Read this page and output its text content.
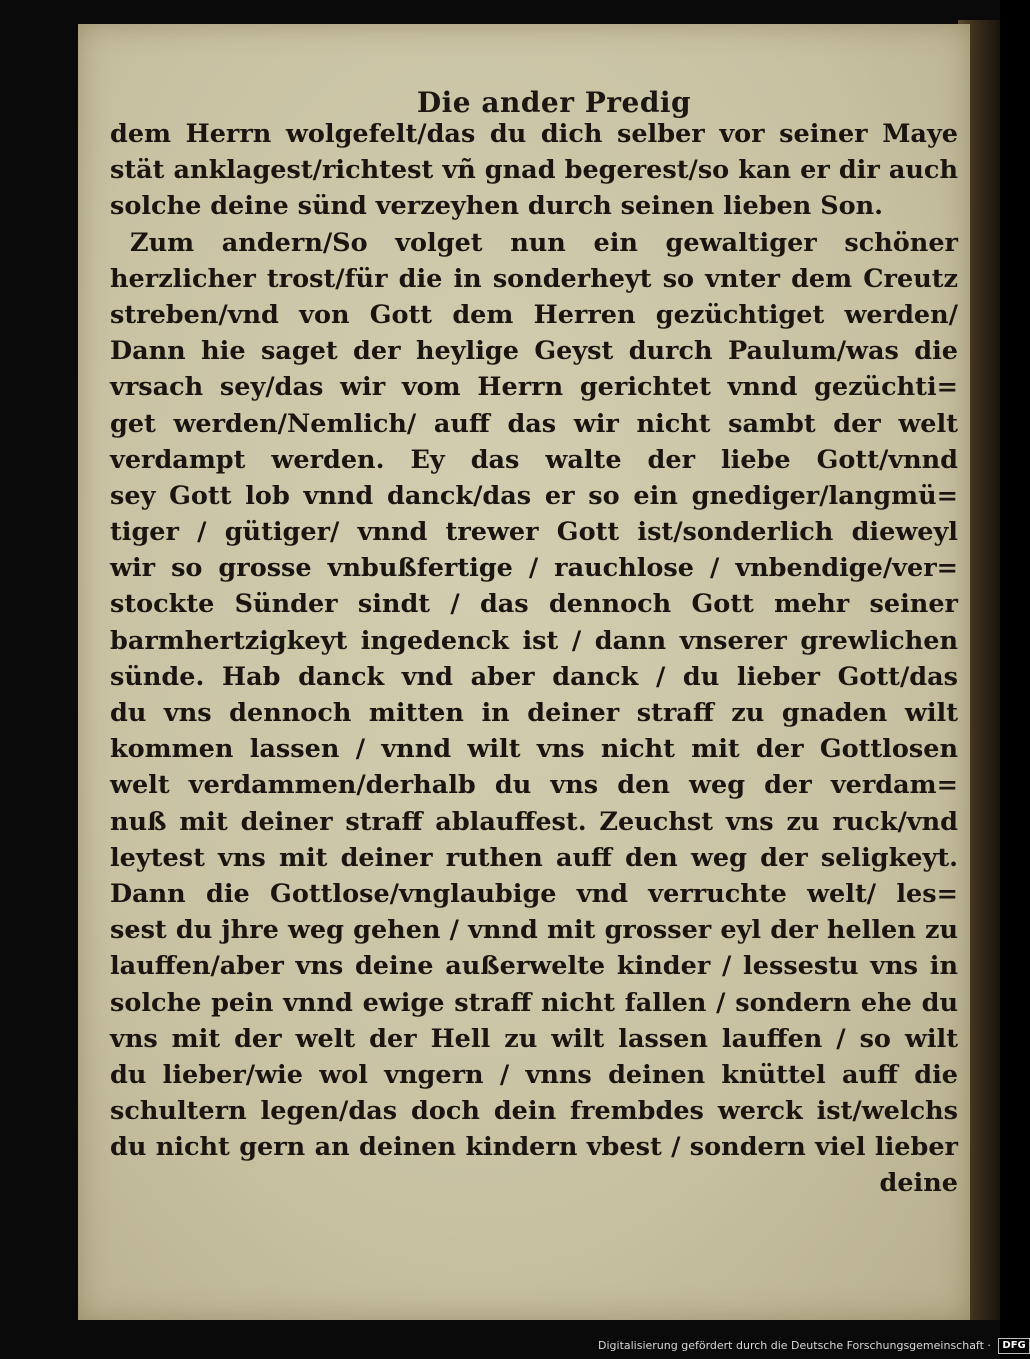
Die ander Predig
dem Herrn wolgefelt/das du dich selber vor seiner Maye
stät anklagest/richtest vñ gnad begerest/so kan er dir auch
solche deine sünd verzeyhen durch seinen lieben Son.
Zum andern/So volget nun ein gewaltiger schöner
herzlicher trost/für die in sonderheyt so vnter dem Creutz
streben/vnd von Gott dem Herren gezüchtiget werden/
Dann hie saget der heylige Geyst durch Paulum/was die
vrsach sey/das wir vom Herrn gerichtet vnnd gezüchti=
get werden/Nemlich/ auff das wir nicht sambt der welt
verdampt werden. Ey das walte der liebe Gott/vnnd
sey Gott lob vnnd danck/das er so ein gnediger/langmü=
tiger / gütiger/ vnnd trewer Gott ist/sonderlich dieweyl
wir so grosse vnbußfertige / rauchlose / vnbendige/ver=
stockte Sünder sindt / das dennoch Gott mehr seiner
barmhertzigkeyt ingedenck ist / dann vnserer grewlichen
sünde. Hab danck vnd aber danck / du lieber Gott/das
du vns dennoch mitten in deiner straff zu gnaden wilt
kommen lassen / vnnd wilt vns nicht mit der Gottlosen
welt verdammen/derhalb du vns den weg der verdam=
nuß mit deiner straff ablauffest. Zeuchst vns zu ruck/vnd
leytest vns mit deiner ruthen auff den weg der seligkeyt.
Dann die Gottlose/vnglaubige vnd verruchte welt/ les=
sest du jhre weg gehen / vnnd mit grosser eyl der hellen zu
lauffen/aber vns deine außerwelte kinder / lessestu vns in
solche pein vnnd ewige straff nicht fallen / sondern ehe du
vns mit der welt der Hell zu wilt lassen lauffen / so wilt
du lieber/wie wol vngern / vnns deinen knüttel auff die
schultern legen/das doch dein frembdes werck ist/welchs
du nicht gern an deinen kindern vbest / sondern viel lieber
deine
Digitalisierung gefördert durch die Deutsche Forschungsgemeinschaft · DFG
